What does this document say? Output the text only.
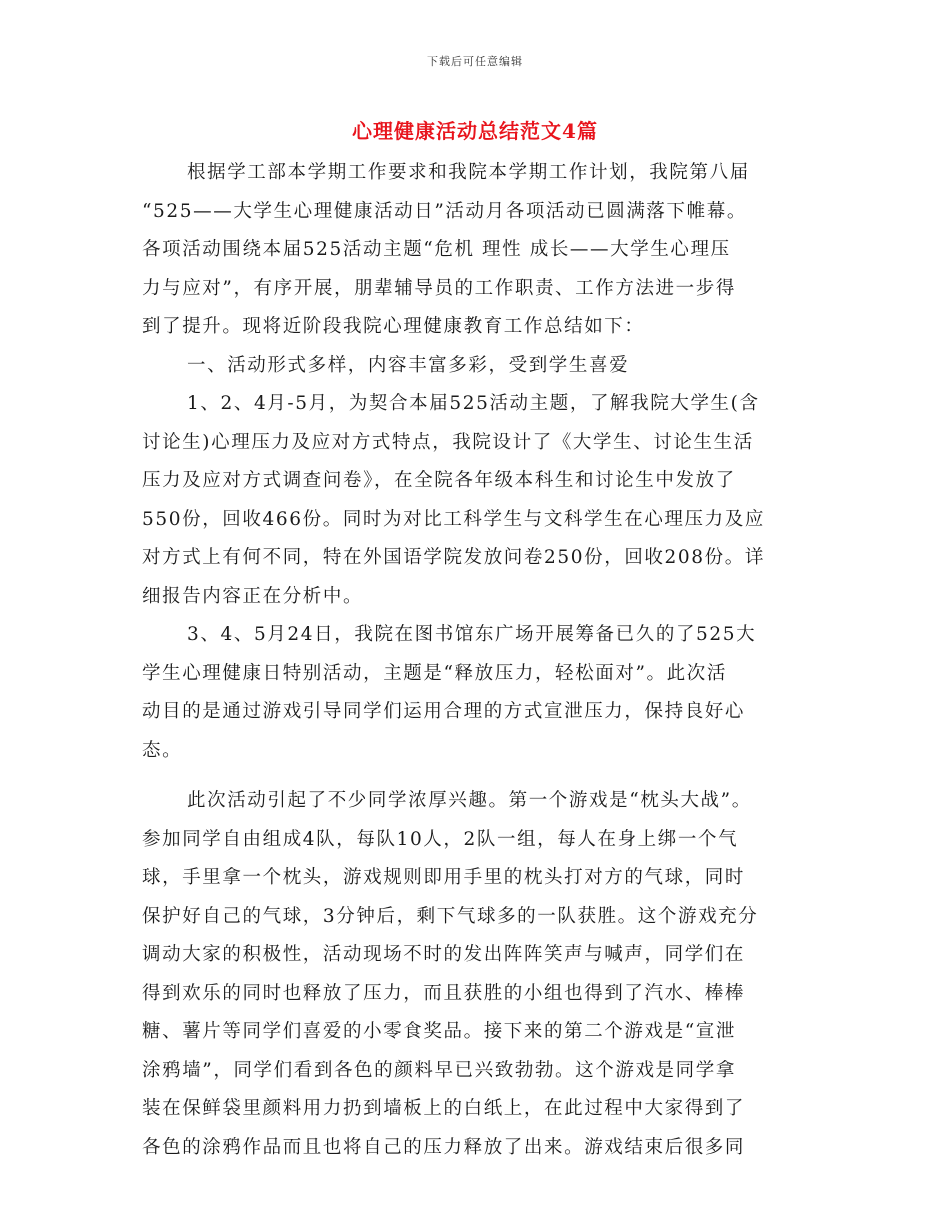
下载后可任意编辑
心理健康活动总结范文4篇
根据学工部本学期工作要求和我院本学期工作计划，我院第八届
“525——大学生心理健康活动日”活动月各项活动已圆满落下帷幕。
各项活动围绕本届525活动主题“危机 理性 成长——大学生心理压
力与应对”，有序开展，朋辈辅导员的工作职责、工作方法进一步得
到了提升。现将近阶段我院心理健康教育工作总结如下：
一、活动形式多样，内容丰富多彩，受到学生喜爱
1、2、4月-5月，为契合本届525活动主题，了解我院大学生(含
讨论生)心理压力及应对方式特点，我院设计了《大学生、讨论生生活
压力及应对方式调查问卷》，在全院各年级本科生和讨论生中发放了
550份，回收466份。同时为对比工科学生与文科学生在心理压力及应
对方式上有何不同，特在外国语学院发放问卷250份，回收208份。详
细报告内容正在分析中。
3、4、5月24日，我院在图书馆东广场开展筹备已久的了525大
学生心理健康日特别活动，主题是“释放压力，轻松面对”。此次活
动目的是通过游戏引导同学们运用合理的方式宣泄压力，保持良好心
态。
此次活动引起了不少同学浓厚兴趣。第一个游戏是“枕头大战”。
参加同学自由组成4队，每队10人，2队一组，每人在身上绑一个气
球，手里拿一个枕头，游戏规则即用手里的枕头打对方的气球，同时
保护好自己的气球，3分钟后，剩下气球多的一队获胜。这个游戏充分
调动大家的积极性，活动现场不时的发出阵阵笑声与喊声，同学们在
得到欢乐的同时也释放了压力，而且获胜的小组也得到了汽水、棒棒
糖、薯片等同学们喜爱的小零食奖品。接下来的第二个游戏是“宣泄
涂鸦墙”，同学们看到各色的颜料早已兴致勃勃。这个游戏是同学拿
装在保鲜袋里颜料用力扔到墙板上的白纸上，在此过程中大家得到了
各色的涂鸦作品而且也将自己的压力释放了出来。游戏结束后很多同
